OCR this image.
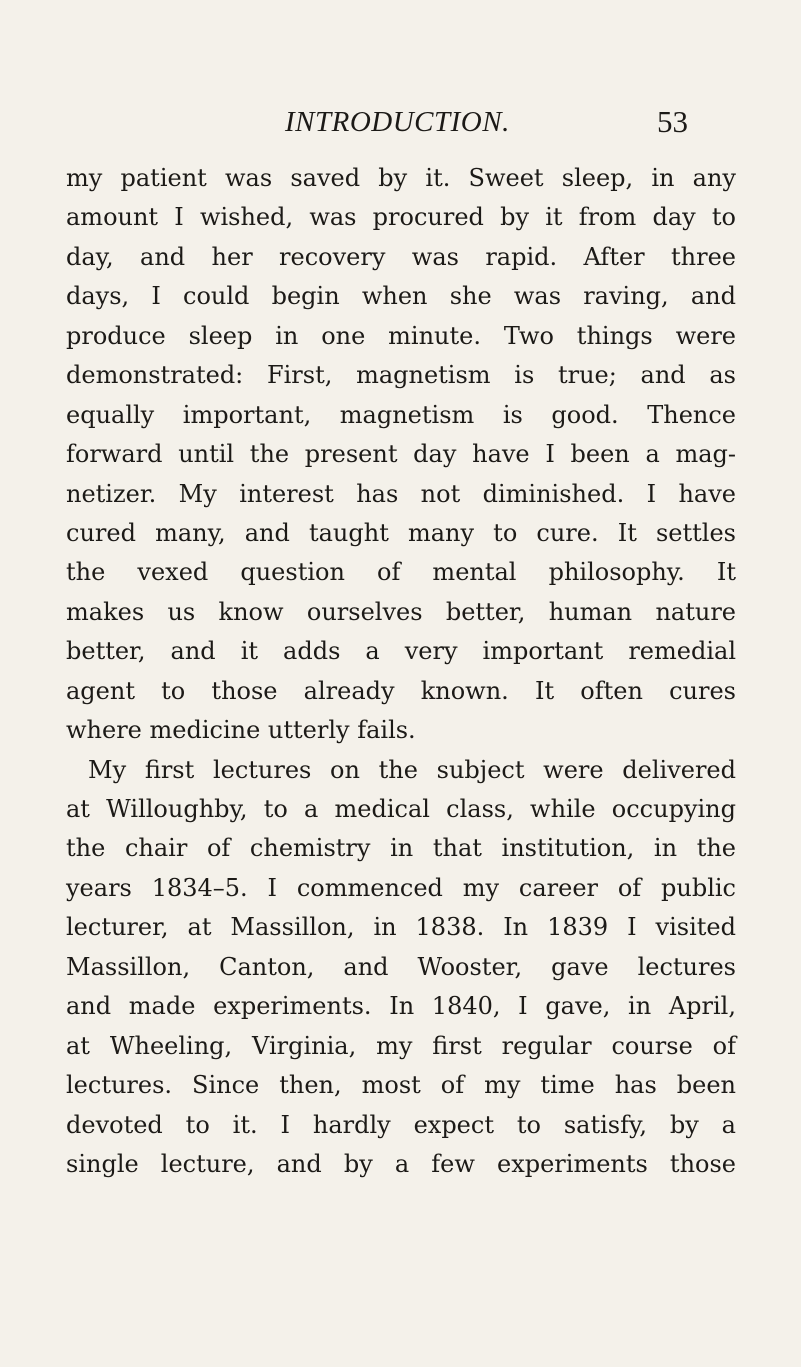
INTRODUCTION.	53
my patient was saved by it. Sweet sleep, in any
amount I wished, was procured by it from day to
day, and her recovery was rapid. After three
days, I could begin when she was raving, and
produce sleep in one minute. Two things were
demonstrated: First, magnetism is true; and as
equally important, magnetism is good. Thence
forward until the present day have I been a mag-
netizer. My interest has not diminished. I have
cured many, and taught many to cure. It settles
the vexed question of mental philosophy. It
makes us know ourselves better, human nature
better, and it adds a very important remedial
agent to those already known. It often cures
where medicine utterly fails.
My first lectures on the subject were delivered
at Willoughby, to a medical class, while occupying
the chair of chemistry in that institution, in the
years 1834–5. I commenced my career of public
lecturer, at Massillon, in 1838. In 1839 I visited
Massillon, Canton, and Wooster, gave lectures
and made experiments. In 1840, I gave, in April,
at Wheeling, Virginia, my first regular course of
lectures. Since then, most of my time has been
devoted to it. I hardly expect to satisfy, by a
single lecture, and by a few experiments those
